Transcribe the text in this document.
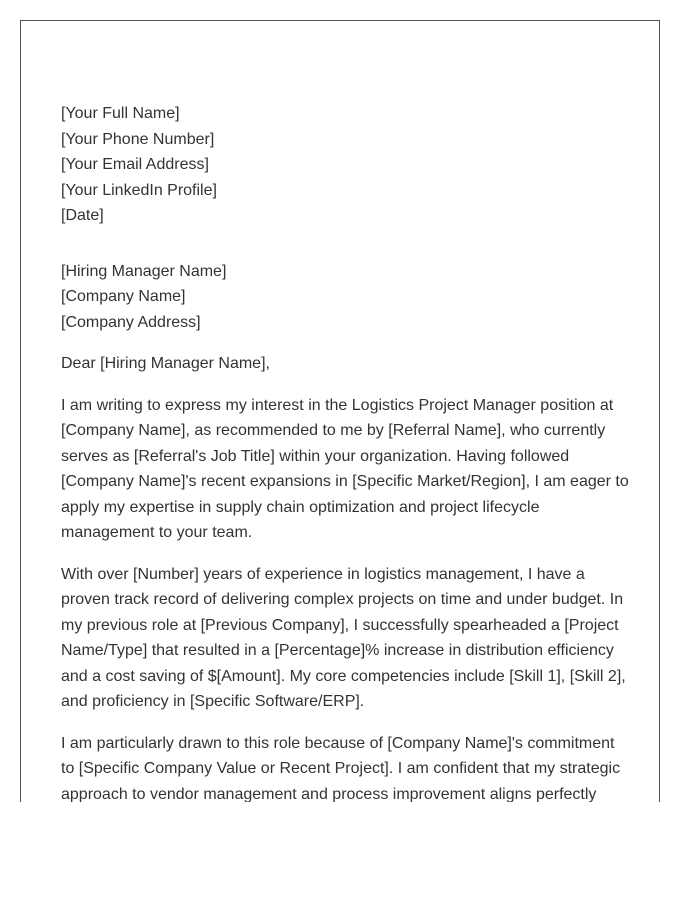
[Your Full Name]
[Your Phone Number]
[Your Email Address]
[Your LinkedIn Profile]
[Date]
[Hiring Manager Name]
[Company Name]
[Company Address]

Dear [Hiring Manager Name],

I am writing to express my interest in the Logistics Project Manager position at [Company Name], as recommended to me by [Referral Name], who currently serves as [Referral's Job Title] within your organization. Having followed [Company Name]'s recent expansions in [Specific Market/Region], I am eager to apply my expertise in supply chain optimization and project lifecycle management to your team.

With over [Number] years of experience in logistics management, I have a proven track record of delivering complex projects on time and under budget. In my previous role at [Previous Company], I successfully spearheaded a [Project Name/Type] that resulted in a [Percentage]% increase in distribution efficiency and a cost saving of $[Amount]. My core competencies include [Skill 1], [Skill 2], and proficiency in [Specific Software/ERP].

I am particularly drawn to this role because of [Company Name]'s commitment to [Specific Company Value or Recent Project]. I am confident that my strategic approach to vendor management and process improvement aligns perfectly
